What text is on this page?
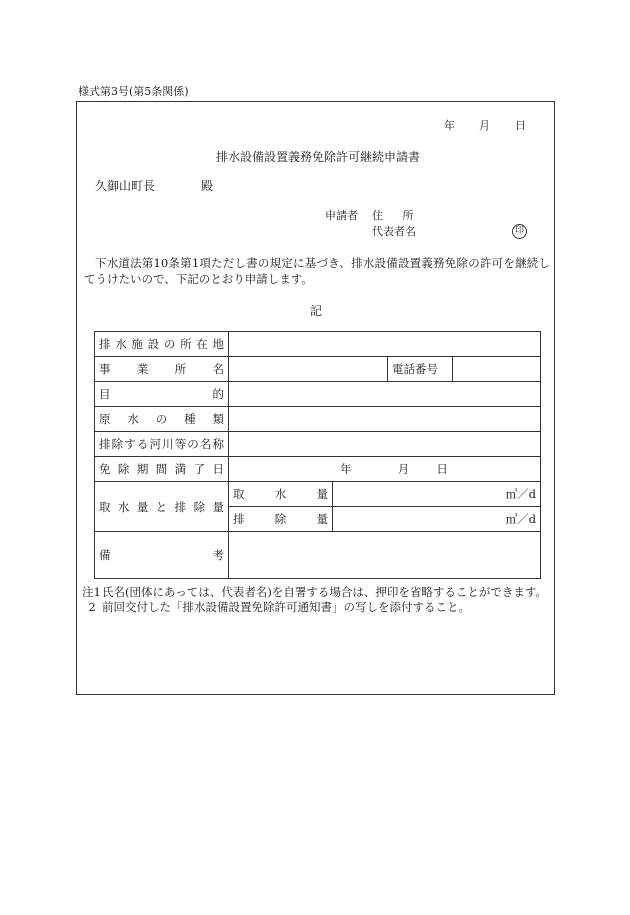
様式第3号(第5条関係)
年 月 日
排水設備設置義務免除許可継続申請書
久御山町長	殿
申請者 住 所
代表者名	印
下水道法第10条第1項ただし書の規定に基づき、排水設備設置義務免除の許可を継続してうけたいので、下記のとおり申請します。
記
排水施設の所在地				
事業所名			電話番号	
目的				
原水の種類				
排除する河川等の名称				
免除期間満了日	年 月 日			
取水量と排除量	取水量	㎥／d		
	排除量	㎥／d		
備考				
注1 氏名(団体にあっては、代表者名)を自署する場合は、押印を省略することができます。
2 前回交付した「排水設備設置免除許可通知書」の写しを添付すること。
